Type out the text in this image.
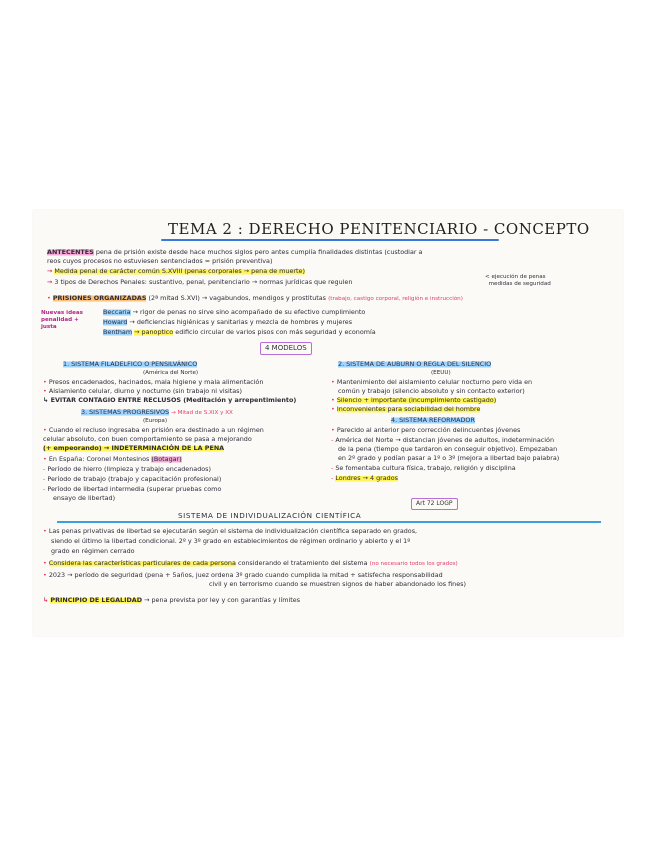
TEMA 2 : DERECHO PENITENCIARIO - CONCEPTO
ANTECENTES pena de prisión existe desde hace muchos siglos pero antes cumplía finalidades distintas (custodiar a
reos cuyos procesos no estuviesen sentenciados = prisión preventiva)
→ Medida penal de carácter común S.XVIII (penas corporales → pena de muerte)
→ 3 tipos de Derechos Penales: sustantivo, penal, penitenciario → normas jurídicas que regulen
< ejecución de penas
medidas de seguridad
• PRISIONES ORGANIZADAS (2ª mitad S.XVI) → vagabundos, mendigos y prostitutas (trabajo, castigo corporal, religión e instrucción)
Nuevas ideas penalidad + justa
Beccaria → rigor de penas no sirve sino acompañado de su efectivo cumplimiento
Howard → deficiencias higiénicas y sanitarias y mezcla de hombres y mujeres
Bentham → panoptico edificio circular de varios pisos con más seguridad y economía
4 MODELOS
1. SISTEMA FILADELFICO O PENSILVÁNICO
(América del Norte)
• Presos encadenados, hacinados, mala higiene y mala alimentación
• Aislamiento celular, diurno y nocturno (sin trabajo ni visitas)
↳ EVITAR CONTAGIO ENTRE RECLUSOS (Meditación y arrepentimiento)
3. SISTEMAS PROGRESIVOS → Mitad de S.XIX y XX
(Europa)
• Cuando el recluso ingresaba en prisión era destinado a un régimen
celular absoluto, con buen comportamiento se pasa a mejorando
(+ empeorando) → INDETERMINACIÓN DE LA PENA
• En España: Coronel Montesinos (Botagar)
- Período de hierro (limpieza y trabajo encadenados)
- Período de trabajo (trabajo y capacitación profesional)
- Período de libertad intermedia (superar pruebas como
ensayo de libertad)
2. SISTEMA DE AUBURN O REGLA DEL SILENCIO
(EEUU)
• Mantenimiento del aislamiento celular nocturno pero vida en
común y trabajo (silencio absoluto y sin contacto exterior)
• Silencio + importante (incumplimiento castigado)
• Inconvenientes para sociabilidad del hombre
4. SISTEMA REFORMADOR
• Parecido al anterior pero corrección delincuentes jóvenes
- América del Norte → distancian jóvenes de adultos, indeterminación
de la pena (tiempo que tardaron en conseguir objetivo). Empezaban
en 2º grado y podían pasar a 1º o 3º (mejora a libertad bajo palabra)
- Se fomentaba cultura física, trabajo, religión y disciplina
- Londres → 4 grados
Art 72 LOGP
SISTEMA DE INDIVIDUALIZACIÓN CIENTÍFICA
• Las penas privativas de libertad se ejecutarán según el sistema de individualización científica separado en grados,
siendo el último la libertad condicional. 2º y 3º grado en establecimientos de régimen ordinario y abierto y el 1º
grado en régimen cerrado
• Considera las características particulares de cada persona considerando el tratamiento del sistema (no necesario todos los grados)
• 2023 → período de seguridad (pena + 5años, juez ordena 3º grado cuando cumplida la mitad + satisfecha responsabilidad
civil y en terrorismo cuando se muestren signos de haber abandonado los fines)
↳ PRINCIPIO DE LEGALIDAD → pena prevista por ley y con garantías y límites
